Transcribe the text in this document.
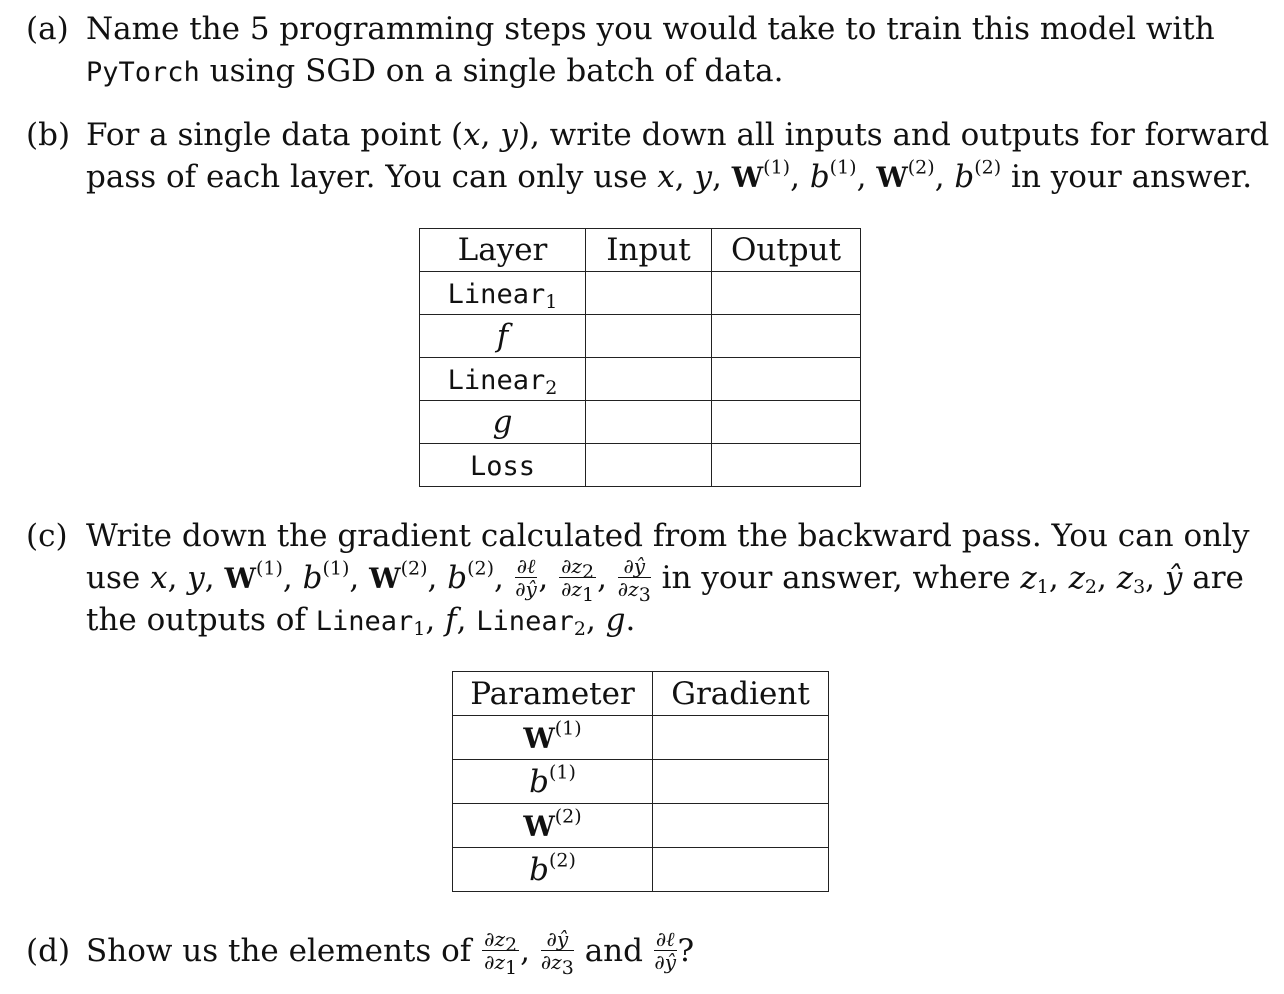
(a) Name the 5 programming steps you would take to train this model with
PyTorch using SGD on a single batch of data.
(b) For a single data point (x, y), write down all inputs and outputs for forward
pass of each layer. You can only use x, y, $W^{(1)}$, $b^{(1)}$, $W^{(2)}$, $b^{(2)}$ in your answer.
Layer	Input	Output
Linear$_1$		
f		
Linear$_2$		
g		
Loss		
(c) Write down the gradient calculated from the backward pass. You can only
use x, y, $W^{(1)}$, $b^{(1)}$, $W^{(2)}$, $b^{(2)}$, $\frac{\text{∂ℓ}}{\partial ŷ}$ , $\frac{\partial z_2}{\partial z_1}$ , $\frac{\partial ŷ}{\partial z_3}$ in your answer, where $z_1$, $z_2$, $z_3$, ŷ are
the outputs of Linear$_1$, f, Linear$_2$, g.
Parameter	Gradient
$W^{(1)}$	
$b^{(1)}$	
$W^{(2)}$	
$b^{(2)}$	
(d) Show us the elements of $\frac{\partial z_2}{\partial z_1}$ , $\frac{\partial ŷ}{\partial z_3}$ and $\frac{\text{∂ℓ}}{\partial ŷ}$ ?
